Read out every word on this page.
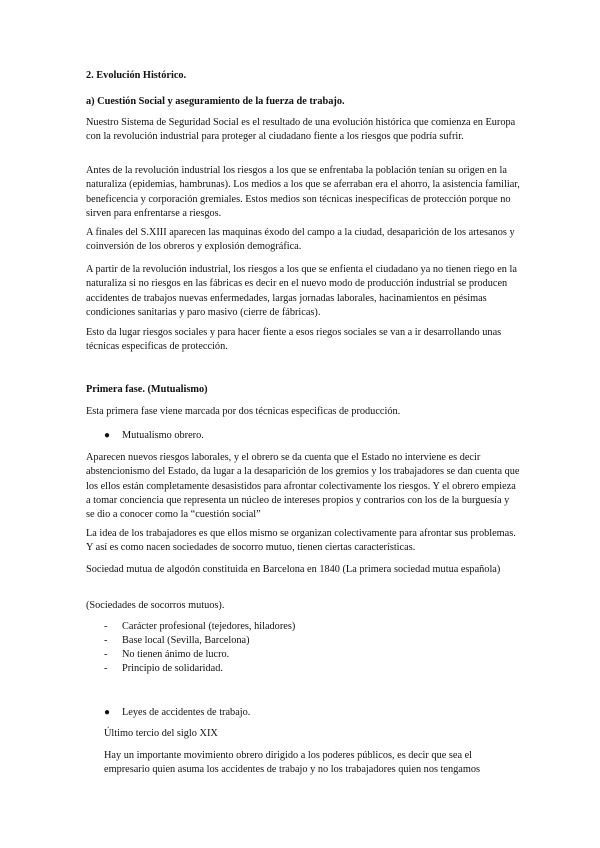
2. Evolución Histórico.
a) Cuestión Social y aseguramiento de la fuerza de trabajo.
Nuestro Sistema de Seguridad Social es el resultado de una evolución histórica que comienza en Europa con la revolución industrial para proteger al ciudadano fiente a los riesgos que podría sufrir.
Antes de la revolución industrial los riesgos a los que se enfrentaba la población tenían su origen en la naturaliza (epidemias, hambrunas). Los medios a los que se aferraban era el ahorro, la asistencia familiar, beneficencia y corporación gremiales. Estos medios son técnicas inespecíficas de protección porque no sirven para enfrentarse a riesgos.
A finales del S.XIII aparecen las maquinas éxodo del campo a la ciudad, desaparición de los artesanos y coinversión de los obreros y explosión demográfica.
A partir de la revolución industrial, los riesgos a los que se enfienta el ciudadano ya no tienen riego en la naturaliza si no riesgos en las fábricas es decir en el nuevo modo de producción industrial se producen accidentes de trabajos nuevas enfermedades, largas jornadas laborales, hacinamientos en pésimas condiciones sanitarias y paro masivo (cierre de fábricas).
Esto da lugar riesgos sociales y para hacer fiente a esos riegos sociales se van a ir desarrollando unas técnicas especificas de protección.
Primera fase. (Mutualismo)
Esta primera fase viene marcada por dos técnicas especificas de producción.
● Mutualismo obrero.
Aparecen nuevos riesgos laborales, y el obrero se da cuenta que el Estado no interviene es decir abstencionismo del Estado, da lugar a la desaparición de los gremios y los trabajadores se dan cuenta que los ellos están completamente desasistidos para afrontar colectivamente los riesgos. Y el obrero empieza a tomar conciencia que representa un núcleo de intereses propios y contrarios con los de la burguesía y se dio a conocer como la “cuestión social”
La idea de los trabajadores es que ellos mismo se organizan colectivamente para afrontar sus problemas. Y así es como nacen sociedades de socorro mutuo, tienen ciertas características.
Sociedad mutua de algodón constituida en Barcelona en 1840 (La primera sociedad mutua española)
(Sociedades de socorros mutuos).
- Carácter profesional (tejedores, hiladores)
- Base local (Sevilla, Barcelona)
- No tienen ánimo de lucro.
- Principio de solidaridad.
● Leyes de accidentes de trabajo.
Último tercio del siglo XIX
Hay un importante movimiento obrero dirigido a los poderes públicos, es decir que sea el empresario quien asuma los accidentes de trabajo y no los trabajadores quien nos tengamos
